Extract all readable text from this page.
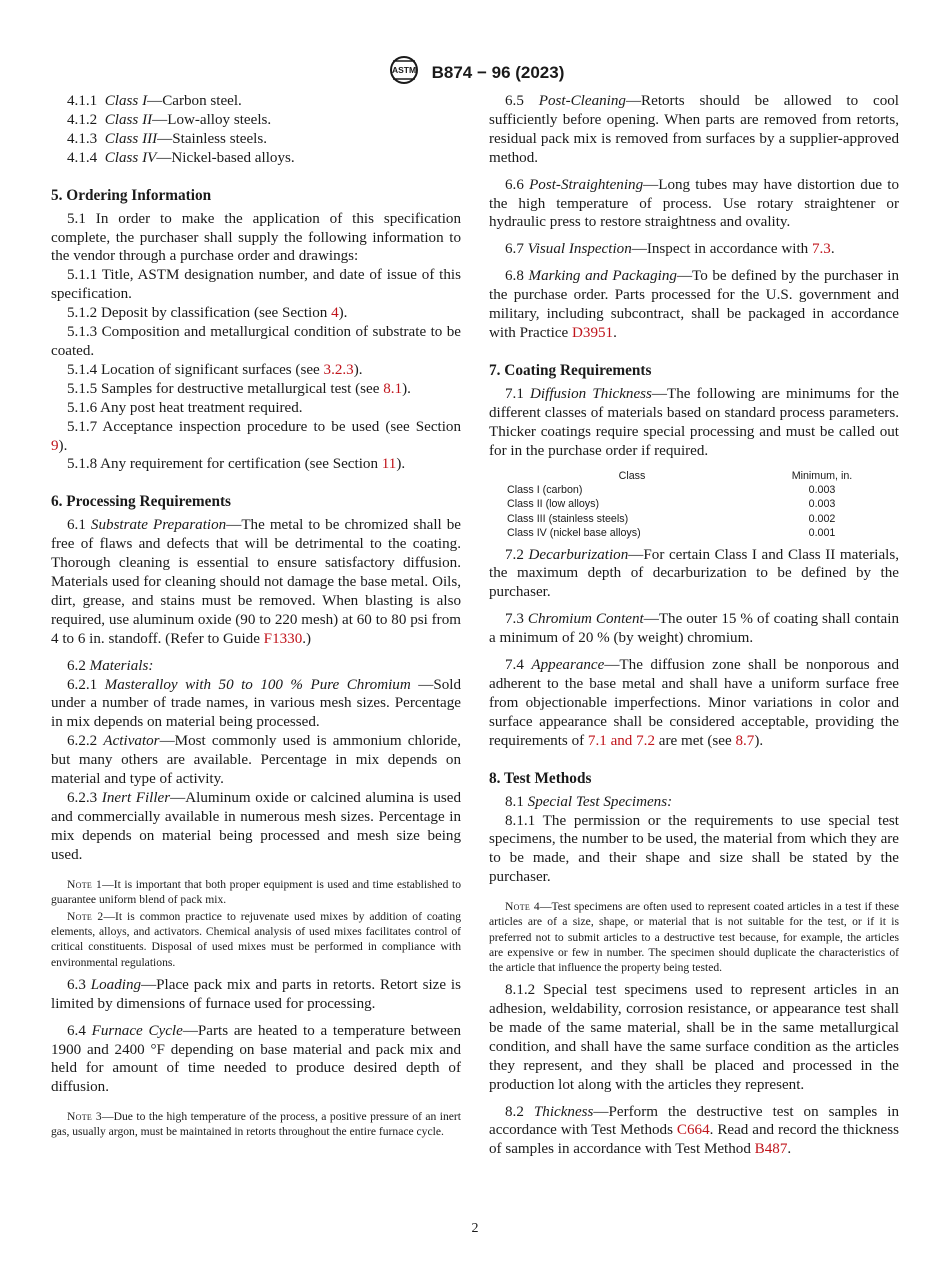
ASTM B874 − 96 (2023)

4.1.1 Class I—Carbon steel.

4.1.2 Class II—Low-alloy steels.

4.1.3 Class III—Stainless steels.

4.1.4 Class IV—Nickel-based alloys.

5. Ordering Information

5.1 In order to make the application of this specification complete, the purchaser shall supply the following information to the vendor through a purchase order and drawings:

5.1.1 Title, ASTM designation number, and date of issue of this specification.

5.1.2 Deposit by classification (see Section 4).

5.1.3 Composition and metallurgical condition of substrate to be coated.

5.1.4 Location of significant surfaces (see 3.2.3).

5.1.5 Samples for destructive metallurgical test (see 8.1).

5.1.6 Any post heat treatment required.

5.1.7 Acceptance inspection procedure to be used (see Section 9).

5.1.8 Any requirement for certification (see Section 11).

6. Processing Requirements

6.1 Substrate Preparation—The metal to be chromized shall be free of flaws and defects that will be detrimental to the coating. Thorough cleaning is essential to ensure satisfactory diffusion. Materials used for cleaning should not damage the base metal. Oils, dirt, grease, and stains must be removed. When blasting is also required, use aluminum oxide (90 to 220 mesh) at 60 to 80 psi from 4 to 6 in. standoff. (Refer to Guide F1330.)

6.2 Materials:

6.2.1 Masteralloy with 50 to 100 % Pure Chromium —Sold under a number of trade names, in various mesh sizes. Percentage in mix depends on material being processed.

6.2.2 Activator—Most commonly used is ammonium chloride, but many others are available. Percentage in mix depends on material and type of activity.

6.2.3 Inert Filler—Aluminum oxide or calcined alumina is used and commercially available in numerous mesh sizes. Percentage in mix depends on material being processed and mesh size being used.

Note 1—It is important that both proper equipment is used and time established to guarantee uniform blend of pack mix.

Note 2—It is common practice to rejuvenate used mixes by addition of coating elements, alloys, and activators. Chemical analysis of used mixes facilitates control of critical constituents. Disposal of used mixes must be performed in compliance with environmental regulations.

6.3 Loading—Place pack mix and parts in retorts. Retort size is limited by dimensions of furnace used for processing.

6.4 Furnace Cycle—Parts are heated to a temperature between 1900 and 2400 °F depending on base material and pack mix and held for amount of time needed to produce desired depth of diffusion.

Note 3—Due to the high temperature of the process, a positive pressure of an inert gas, usually argon, must be maintained in retorts throughout the entire furnace cycle.

6.5 Post-Cleaning—Retorts should be allowed to cool sufficiently before opening. When parts are removed from retorts, residual pack mix is removed from surfaces by a supplier-approved method.

6.6 Post-Straightening—Long tubes may have distortion due to the high temperature of process. Use rotary straightener or hydraulic press to restore straightness and ovality.

6.7 Visual Inspection—Inspect in accordance with 7.3.

6.8 Marking and Packaging—To be defined by the purchaser in the purchase order. Parts processed for the U.S. government and military, including subcontract, shall be packaged in accordance with Practice D3951.

7. Coating Requirements

7.1 Diffusion Thickness—The following are minimums for the different classes of materials based on standard process parameters. Thicker coatings require special processing and must be called out for in the purchase order if required.

Class	Minimum, in.
Class I (carbon)	0.003
Class II (low alloys)	0.003
Class III (stainless steels)	0.002
Class IV (nickel base alloys)	0.001

7.2 Decarburization—For certain Class I and Class II materials, the maximum depth of decarburization to be defined by the purchaser.

7.3 Chromium Content—The outer 15 % of coating shall contain a minimum of 20 % (by weight) chromium.

7.4 Appearance—The diffusion zone shall be nonporous and adherent to the base metal and shall have a uniform surface free from objectionable imperfections. Minor variations in color and surface appearance shall be considered acceptable, providing the requirements of 7.1 and 7.2 are met (see 8.7).

8. Test Methods

8.1 Special Test Specimens:

8.1.1 The permission or the requirements to use special test specimens, the number to be used, the material from which they are to be made, and their shape and size shall be stated by the purchaser.

Note 4—Test specimens are often used to represent coated articles in a test if these articles are of a size, shape, or material that is not suitable for the test, or if it is preferred not to submit articles to a destructive test because, for example, the articles are expensive or few in number. The specimen should duplicate the characteristics of the article that influence the property being tested.

8.1.2 Special test specimens used to represent articles in an adhesion, weldability, corrosion resistance, or appearance test shall be made of the same material, shall be in the same metallurgical condition, and shall have the same surface condition as the articles they represent, and they shall be placed and processed in the production lot along with the articles they represent.

8.2 Thickness—Perform the destructive test on samples in accordance with Test Methods C664. Read and record the thickness of samples in accordance with Test Method B487.

2
